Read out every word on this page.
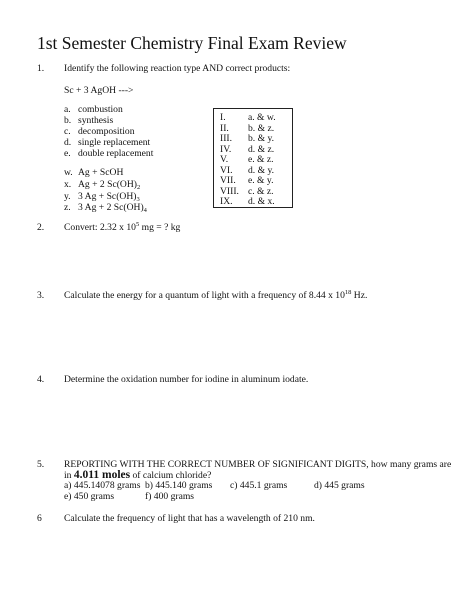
1st Semester Chemistry Final Exam Review
1. Identify the following reaction type AND correct products:
Sc + 3 AgOH --->
a. combustion
b. synthesis
c. decomposition
d. single replacement
e. double replacement
w. Ag + ScOH
x. Ag + 2 $Sc(OH)_2$
y. 3 $Ag + Sc(OH)_3$
z. 3 Ag + 2 $Sc(OH)_4$
I. a. & w.
II. b. & z.
III. b. & y.
IV. d. & z.
V. e. & z.
VI. d. & y.
VII. e. & y.
VIII. c. & z.
IX. d. & x.
2. Convert: 2.32 x $10^5$ mg = ? kg
3. Calculate the energy for a quantum of light with a frequency of 8.44 x $10^{18}$ Hz.
4. Determine the oxidation number for iodine in aluminum iodate.
5. REPORTING WITH THE CORRECT NUMBER OF SIGNIFICANT DIGITS, how many grams are
in 4.011 moles of calcium chloride?
a) 445.14078 grams b) 445.140 grams c) 445.1 grams	d) 445 grams
e) 450 grams	f) 400 grams
6 Calculate the frequency of light that has a wavelength of 210 nm.
